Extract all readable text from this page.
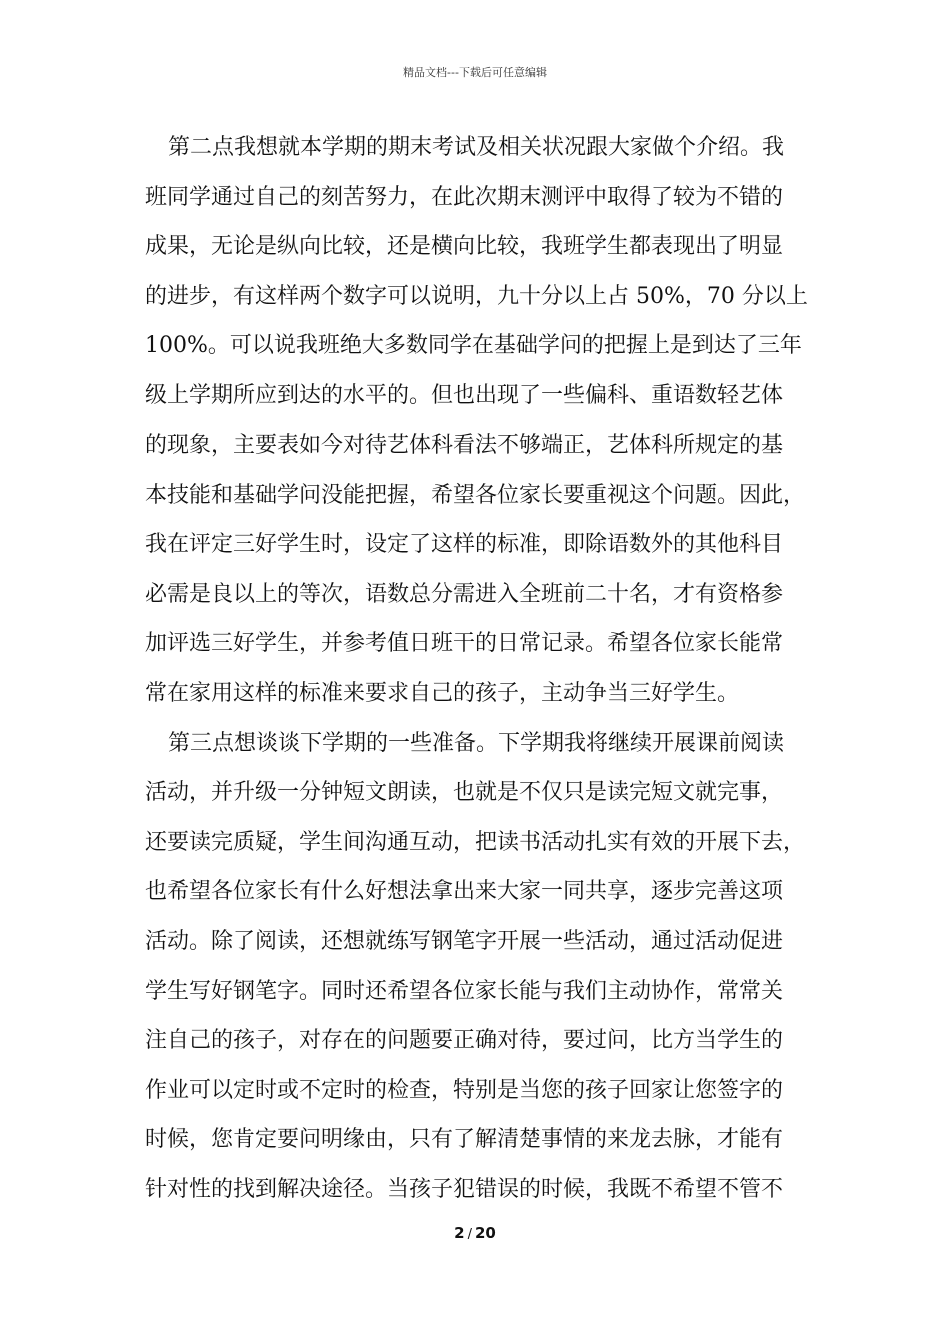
精品文档---下载后可任意编辑
第二点我想就本学期的期末考试及相关状况跟大家做个介绍。我
班同学通过自己的刻苦努力，在此次期末测评中取得了较为不错的
成果，无论是纵向比较，还是横向比较，我班学生都表现出了明显
的进步，有这样两个数字可以说明，九十分以上占 50%，70 分以上
100%。可以说我班绝大多数同学在基础学问的把握上是到达了三年
级上学期所应到达的水平的。但也出现了一些偏科、重语数轻艺体
的现象，主要表如今对待艺体科看法不够端正，艺体科所规定的基
本技能和基础学问没能把握，希望各位家长要重视这个问题。因此，
我在评定三好学生时，设定了这样的标准，即除语数外的其他科目
必需是良以上的等次，语数总分需进入全班前二十名，才有资格参
加评选三好学生，并参考值日班干的日常记录。希望各位家长能常
常在家用这样的标准来要求自己的孩子，主动争当三好学生。
第三点想谈谈下学期的一些准备。下学期我将继续开展课前阅读
活动，并升级一分钟短文朗读，也就是不仅只是读完短文就完事，
还要读完质疑，学生间沟通互动，把读书活动扎实有效的开展下去，
也希望各位家长有什么好想法拿出来大家一同共享，逐步完善这项
活动。除了阅读，还想就练写钢笔字开展一些活动，通过活动促进
学生写好钢笔字。同时还希望各位家长能与我们主动协作，常常关
注自己的孩子，对存在的问题要正确对待，要过问，比方当学生的
作业可以定时或不定时的检查，特别是当您的孩子回家让您签字的
时候，您肯定要问明缘由，只有了解清楚事情的来龙去脉，才能有
针对性的找到解决途径。当孩子犯错误的时候，我既不希望不管不
2 / 20
